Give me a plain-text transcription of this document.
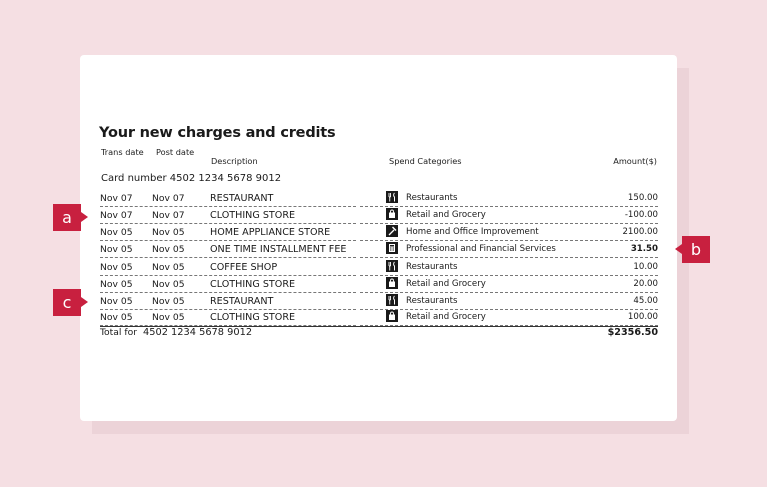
Your new charges and credits
Trans date Post date
Description	Spend Categories	Amount($)
Card number 4502 1234 5678 9012
Nov 07 Nov 07	RESTAURANT	Restaurants	150.00
Nov 07 Nov 07	CLOTHING STORE	Retail and Grocery	-100.00
Nov 05 Nov 05	HOME APPLIANCE STORE	Home and Office Improvement	2100.00
Nov 05 Nov 05	ONE TIME INSTALLMENT FEE	Professional and Financial Services	31.50
Nov 05 Nov 05	COFFEE SHOP	Restaurants	10.00
Nov 05 Nov 05	CLOTHING STORE	Retail and Grocery	20.00
Nov 05 Nov 05	RESTAURANT	Restaurants	45.00
Nov 05 Nov 05	CLOTHING STORE	Retail and Grocery	100.00
Total for 4502 1234 5678 9012	$2356.50
a
b
c
